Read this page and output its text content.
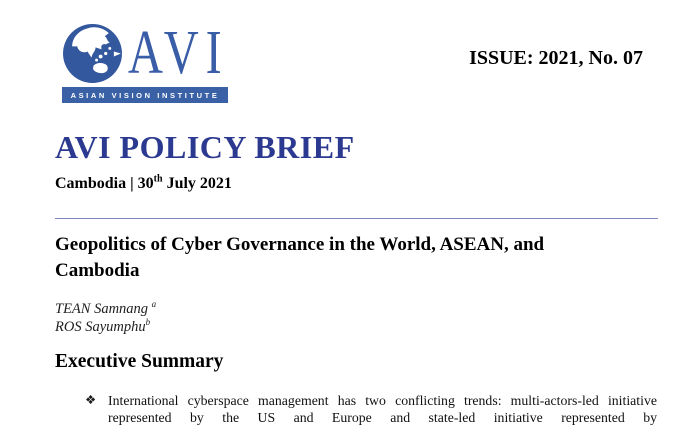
AVI
ASIAN VISION INSTITUTE
ISSUE: 2021, No. 07
AVI POLICY BRIEF
Cambodia | 30th July 2021
Geopolitics of Cyber Governance in the World, ASEAN, and Cambodia
TEAN Samnang $^a$
ROS Sayumphu$^b$
Executive Summary
❖ International cyberspace management has two conflicting trends: multi-actors-led initiative represented by the US and Europe and state-led initiative represented by
